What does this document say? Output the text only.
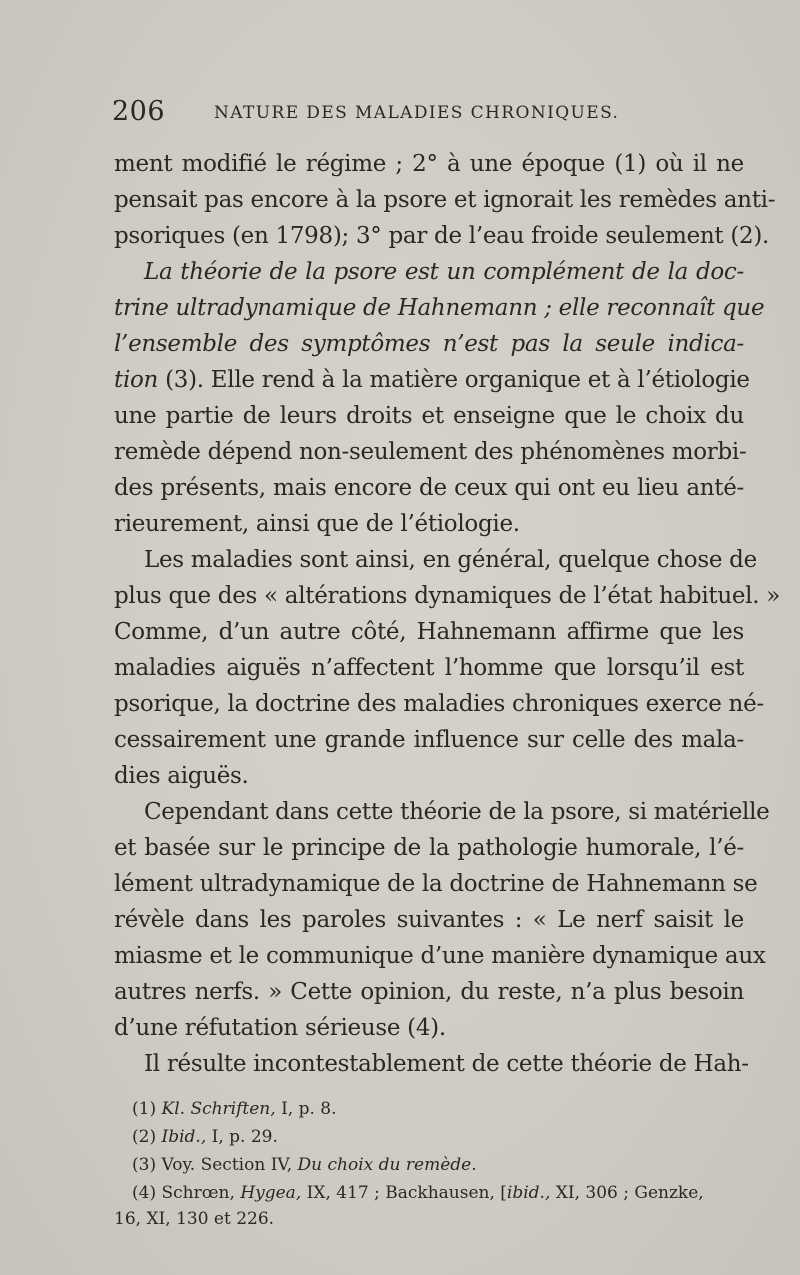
206	NATURE DES MALADIES CHRONIQUES.
ment modifié le régime ; 2° à une époque (1) où il ne
pensait pas encore à la psore et ignorait les remèdes anti-
psoriques (en 1798); 3° par de l’eau froide seulement (2).
La théorie de la psore est un complément de la doc-
trine ultradynamique de Hahnemann ; elle reconnaît que
l’ensemble des symptômes n’est pas la seule indica-
tion (3). Elle rend à la matière organique et à l’étiologie
une partie de leurs droits et enseigne que le choix du
remède dépend non-seulement des phénomènes morbi-
des présents, mais encore de ceux qui ont eu lieu anté-
rieurement, ainsi que de l’étiologie.
Les maladies sont ainsi, en général, quelque chose de
plus que des « altérations dynamiques de l’état habituel. »
Comme, d’un autre côté, Hahnemann affirme que les
maladies aiguës n’affectent l’homme que lorsqu’il est
psorique, la doctrine des maladies chroniques exerce né-
cessairement une grande influence sur celle des mala-
dies aiguës.
Cependant dans cette théorie de la psore, si matérielle
et basée sur le principe de la pathologie humorale, l’é-
lément ultradynamique de la doctrine de Hahnemann se
révèle dans les paroles suivantes : « Le nerf saisit le
miasme et le communique d’une manière dynamique aux
autres nerfs. » Cette opinion, du reste, n’a plus besoin
d’une réfutation sérieuse (4).
Il résulte incontestablement de cette théorie de Hah-
(1) Kl. Schriften, I, p. 8.
(2) Ibid., I, p. 29.
(3) Voy. Section IV, Du choix du remède.
(4) Schrœn, Hygea, IX, 417 ; Backhausen, [ibid., XI, 306 ; Genzke,
16, XI, 130 et 226.
